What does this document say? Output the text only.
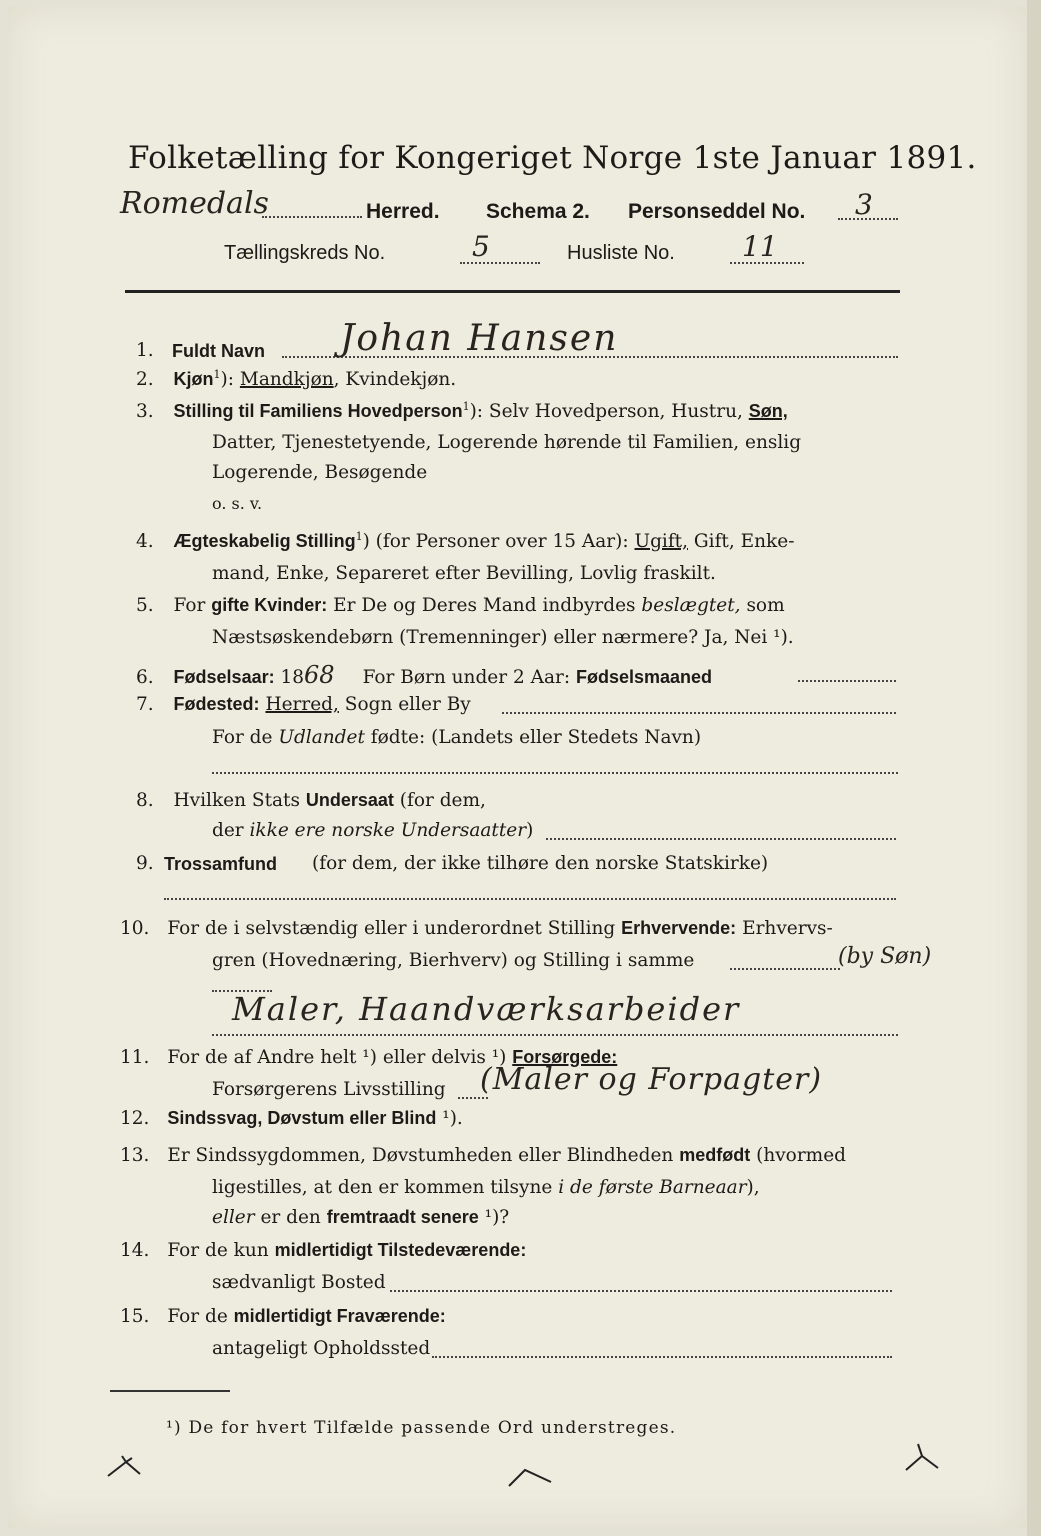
Folketælling for Kongeriget Norge 1ste Januar 1891.
Romedals	Herred. Schema 2. Personseddel No. 3
Tællingskreds No.	5	Husliste No. 11
1. Fuldt Navn Johan Hansen
2. Kjøn$^1$): Mandkjøn, Kvindekjøn.
3. Stilling til Familiens Hovedperson$^1$): Selv Hovedperson, Hustru, Søn,
Datter, Tjenestetyende, Logerende hørende til Familien, enslig
Logerende, Besøgende
o. s. v.
4. Ægteskabelig Stilling$^1$) (for Personer over 15 Aar): Ugift, Gift, Enke-
mand, Enke, Separeret efter Bevilling, Lovlig fraskilt.
5. For gifte Kvinder: Er De og Deres Mand indbyrdes beslægtet, som
Næstsøskendebørn (Tremenninger) eller nærmere? Ja, Nei ¹).
6. Fødselsaar: 1868 For Børn under 2 Aar: Fødselsmaaned
7. Fødested: Herred, Sogn eller By
For de Udlandet fødte: (Landets eller Stedets Navn)
8. Hvilken Stats Undersaat (for dem,
der ikke ere norske Undersaatter)
9. Trossamfund (for dem, der ikke tilhøre den norske Statskirke)
10. For de i selvstændig eller i underordnet Stilling Erhvervende: Erhvervs-
gren (Hovednæring, Bierhverv) og Stilling i samme	(by Søn)
Maler, Haandværksarbeider
11. For de af Andre helt ¹) eller delvis ¹) Forsørgede:
Forsørgerens Livsstilling (Maler og Forpagter)
12. Sindssvag, Døvstum eller Blind ¹).
13. Er Sindssygdommen, Døvstumheden eller Blindheden medfødt (hvormed
ligestilles, at den er kommen tilsyne i de første Barneaar),
eller er den fremtraadt senere ¹)?
14. For de kun midlertidigt Tilstedeværende:
sædvanligt Bosted
15. For de midlertidigt Fraværende:
antageligt Opholdssted
¹) De for hvert Tilfælde passende Ord understreges.
